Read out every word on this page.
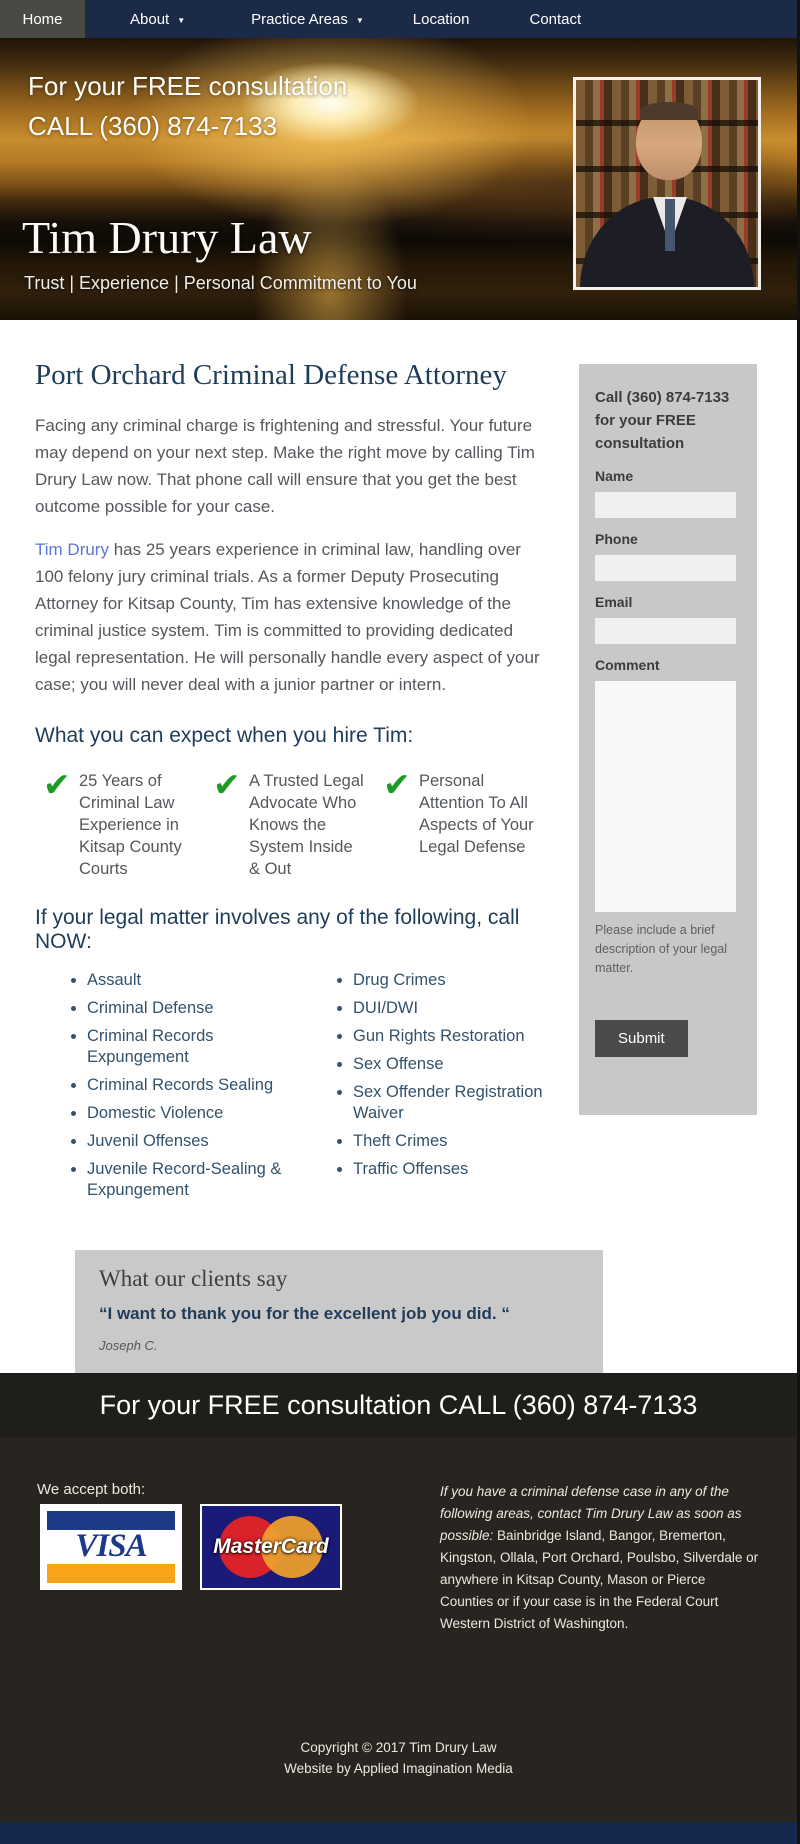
Home	About ▼	Practice Areas ▼	Location	Contact
For your FREE consultation
CALL (360) 874-7133
Tim Drury Law
Trust | Experience | Personal Commitment to You
Port Orchard Criminal Defense Attorney

Facing any criminal charge is frightening and stressful. Your future may depend on your next step. Make the right move by calling Tim Drury Law now. That phone call will ensure that you get the best outcome possible for your case.

Tim Drury has 25 years experience in criminal law, handling over 100 felony jury criminal trials. As a former Deputy Prosecuting Attorney for Kitsap County, Tim has extensive knowledge of the criminal justice system. Tim is committed to providing dedicated legal representation. He will personally handle every aspect of your case; you will never deal with a junior partner or intern.

What you can expect when you hire Tim:
✔ 25 Years of Criminal Law Experience in Kitsap County Courts
✔ A Trusted Legal Advocate Who Knows the System Inside & Out
✔ Personal Attention To All Aspects of Your Legal Defense
If your legal matter involves any of the following, call NOW:
• Assault
• Criminal Defense
• Criminal Records Expungement
• Criminal Records Sealing
• Domestic Violence
• Juvenil Offenses
• Juvenile Record-Sealing & Expungement
• Drug Crimes
• DUI/DWI
• Gun Rights Restoration
• Sex Offense
• Sex Offender Registration Waiver
• Theft Crimes
• Traffic Offenses
What our clients say
“I want to thank you for the excellent job you did. “
Joseph C.
Call (360) 874-7133 for your FREE consultation
Name
Phone
Email
Comment
Please include a brief description of your legal matter.
Submit
For your FREE consultation CALL (360) 874-7133
We accept both:
VISA	MasterCard
If you have a criminal defense case in any of the following areas, contact Tim Drury Law as soon as possible: Bainbridge Island, Bangor, Bremerton, Kingston, Ollala, Port Orchard, Poulsbo, Silverdale or anywhere in Kitsap County, Mason or Pierce Counties or if your case is in the Federal Court Western District of Washington.
Copyright © 2017 Tim Drury Law
Website by Applied Imagination Media
